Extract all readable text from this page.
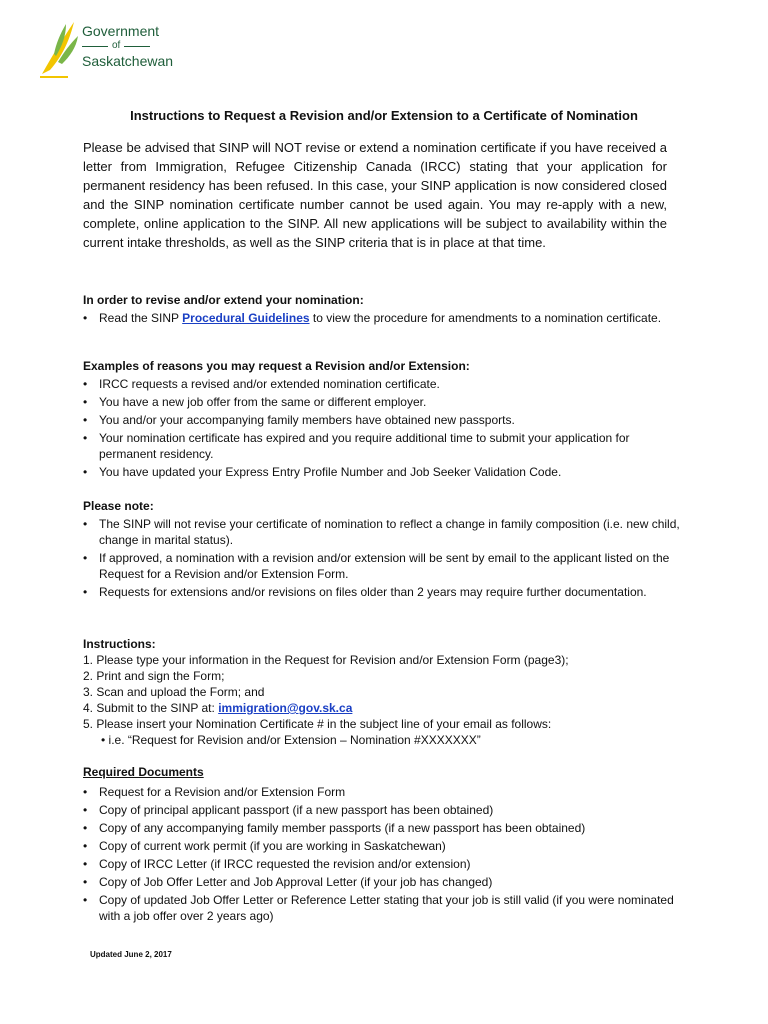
Government
of
Saskatchewan
Instructions to Request a Revision and/or Extension to a Certificate of Nomination

Please be advised that SINP will NOT revise or extend a nomination certificate if you have received a letter from Immigration, Refugee Citizenship Canada (IRCC) stating that your application for permanent residency has been refused. In this case, your SINP application is now considered closed and the SINP nomination certificate number cannot be used again. You may re-apply with a new, complete, online application to the SINP. All new applications will be subject to availability within the current intake thresholds, as well as the SINP criteria that is in place at that time.

In order to revise and/or extend your nomination:

• Read the SINP Procedural Guidelines to view the procedure for amendments to a nomination certificate.

Examples of reasons you may request a Revision and/or Extension:

• IRCC requests a revised and/or extended nomination certificate.
• You have a new job offer from the same or different employer.
• You and/or your accompanying family members have obtained new passports.
• Your nomination certificate has expired and you require additional time to submit your application for permanent residency.
• You have updated your Express Entry Profile Number and Job Seeker Validation Code.

Please note:

• The SINP will not revise your certificate of nomination to reflect a change in family composition (i.e. new child, change in marital status).
• If approved, a nomination with a revision and/or extension will be sent by email to the applicant listed on the Request for a Revision and/or Extension Form.
• Requests for extensions and/or revisions on files older than 2 years may require further documentation.

Instructions:

1. Please type your information in the Request for Revision and/or Extension Form (page3);
2. Print and sign the Form;
3. Scan and upload the Form; and
4. Submit to the SINP at: immigration@gov.sk.ca
5. Please insert your Nomination Certificate # in the subject line of your email as follows:
• i.e. “Request for Revision and/or Extension – Nomination #XXXXXXX”

Required Documents

• Request for a Revision and/or Extension Form
• Copy of principal applicant passport (if a new passport has been obtained)
• Copy of any accompanying family member passports (if a new passport has been obtained)
• Copy of current work permit (if you are working in Saskatchewan)
• Copy of IRCC Letter (if IRCC requested the revision and/or extension)
• Copy of Job Offer Letter and Job Approval Letter (if your job has changed)
• Copy of updated Job Offer Letter or Reference Letter stating that your job is still valid (if you were nominated with a job offer over 2 years ago)
Updated June 2, 2017
